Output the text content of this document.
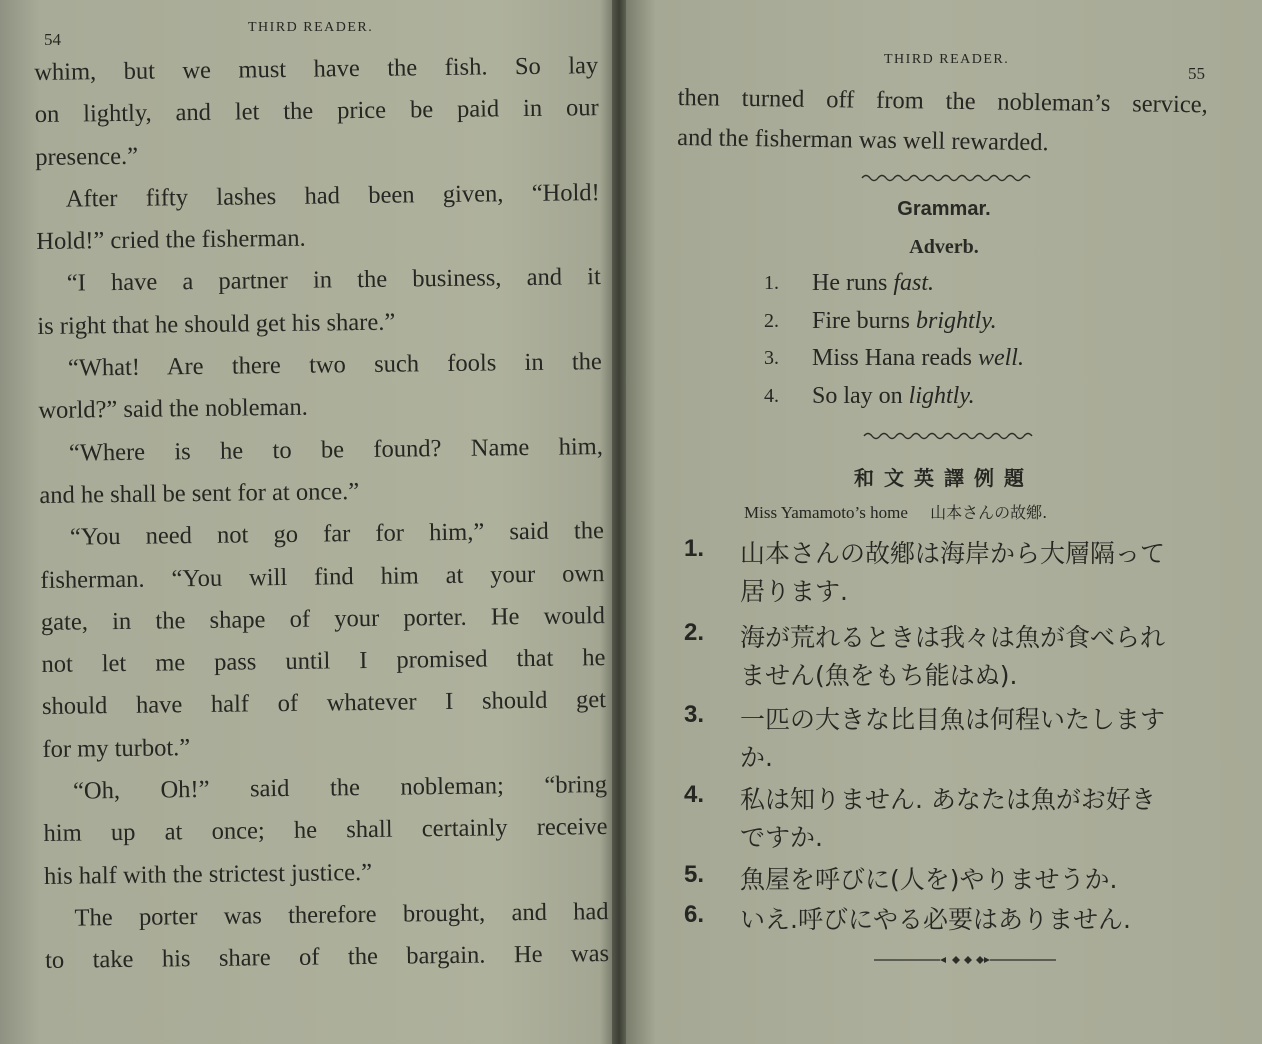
54
THIRD READER.
whim, but we must have the fish. So lay
on lightly, and let the price be paid in our
presence.”
After fifty lashes had been given, “Hold!
Hold!” cried the fisherman.
“I have a partner in the business, and it
is right that he should get his share.”
“What! Are there two such fools in the
world?” said the nobleman.
“Where is he to be found? Name him,
and he shall be sent for at once.”
“You need not go far for him,” said the
fisherman. “You will find him at your own
gate, in the shape of your porter. He would
not let me pass until I promised that he
should have half of whatever I should get
for my turbot.”
“Oh, Oh!” said the nobleman; “bring
him up at once; he shall certainly receive
his half with the strictest justice.”
The porter was therefore brought, and had
to take his share of the bargain. He was
THIRD READER.
55
then turned off from the nobleman’s service,
and the fisherman was well rewarded.
Grammar.
Adverb.
1.	He runs fast.
2.	Fire burns brightly.
3.	Miss Hana reads well.
4.	So lay on lightly.
和文英譯例題
Miss Yamamoto’s home 山本さんの故鄕.
1. 山本さんの故鄕は海岸から大層隔って
居ります.
2. 海が荒れるときは我々は魚が食べられ
ません(魚をもち能はぬ).
3. 一匹の大きな比目魚は何程いたします
か.
4. 私は知りません. あなたは魚がお好き
ですか.
5. 魚屋を呼びに(人を)やりませうか.
6. いえ.呼びにやる必要はありません.
